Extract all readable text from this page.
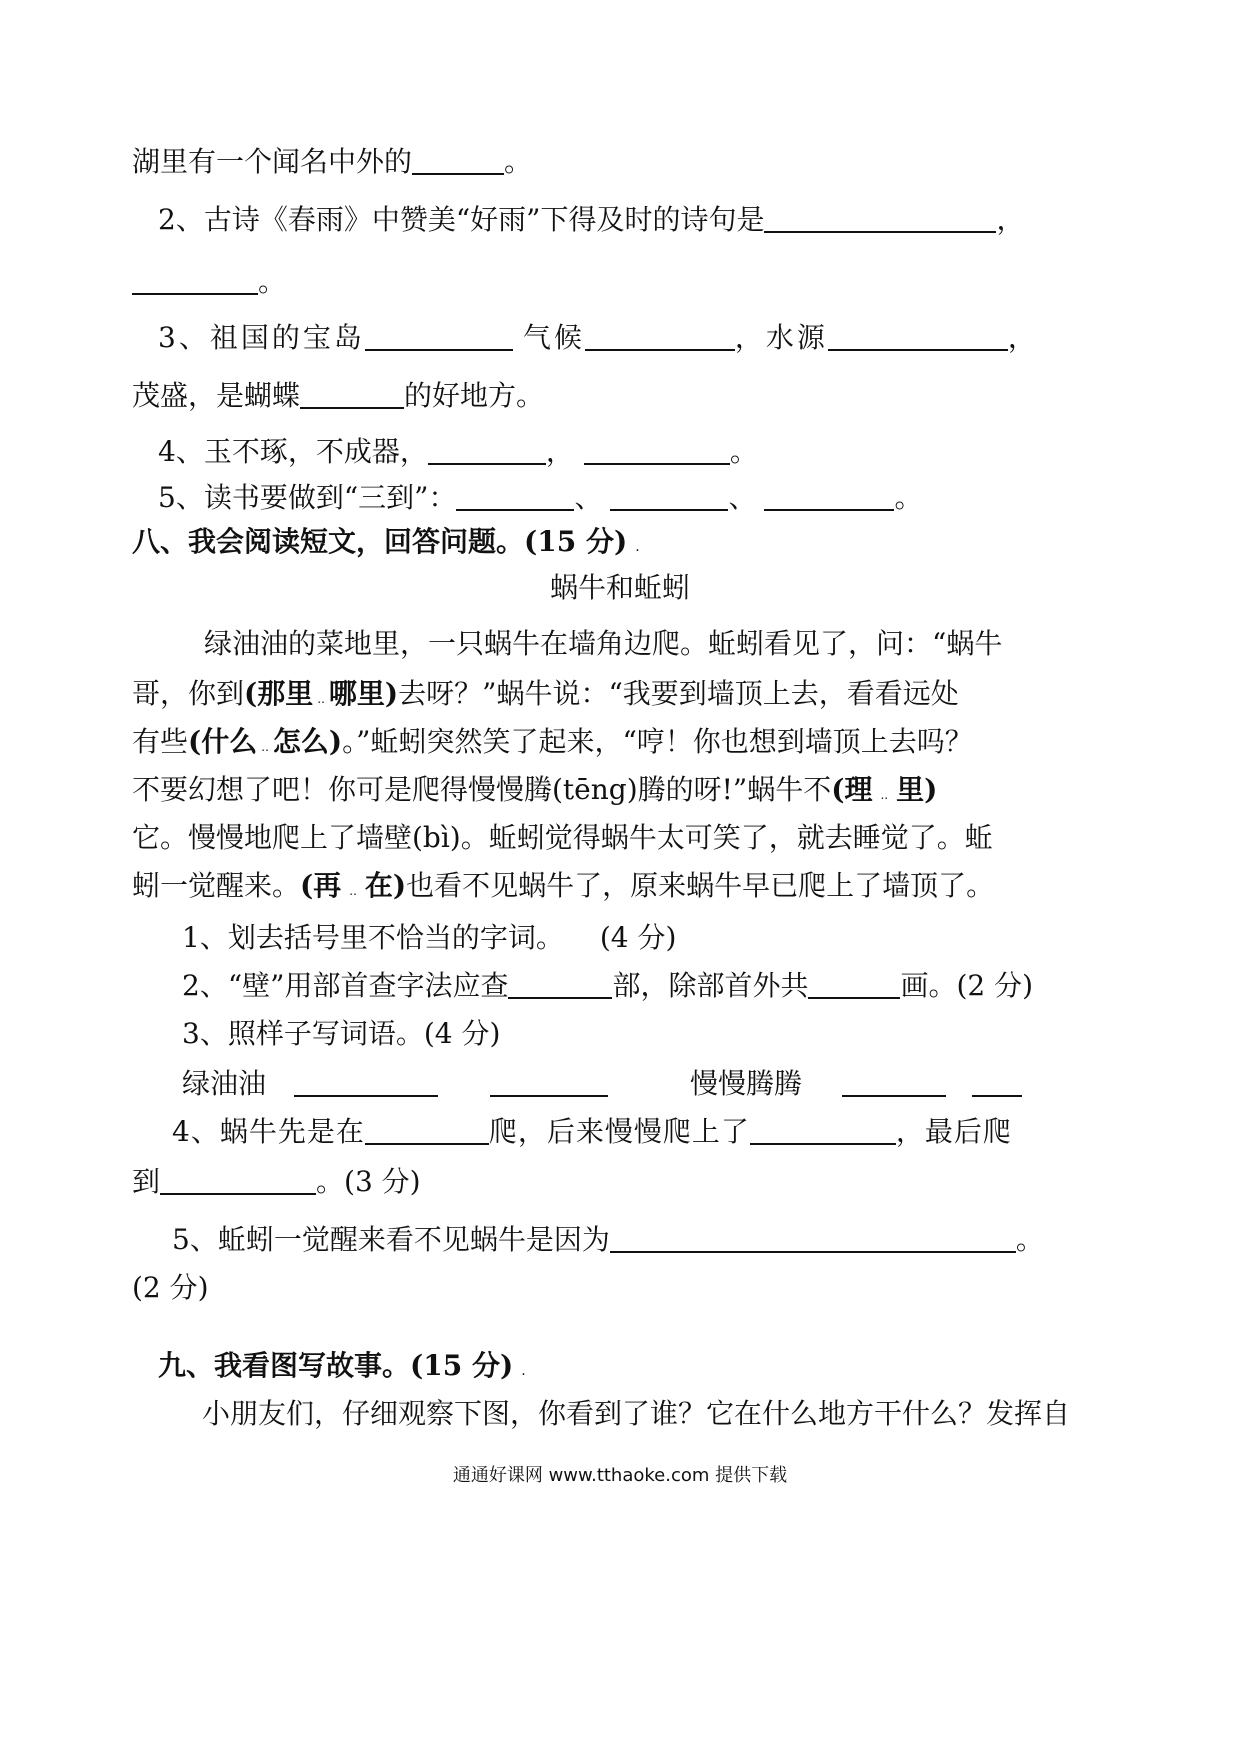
湖里有一个闻名中外的	。
2、古诗《春雨》中赞美“好雨”下得及时的诗句是	，
。
3、祖国的宝岛	气候	，水源	，
茂盛，是蝴蝶	的好地方。
4、玉不琢，不成器，	，	。
5、读书要做到“三到”：	、	、	。
八、我会阅读短文，回答问题。(15 分) .
蜗牛和蚯蚓
绿油油的菜地里，一只蜗牛在墙角边爬。蚯蚓看见了，问：“蜗牛
哥，你到(那里 .. 哪里)去呀？”蜗牛说：“我要到墙顶上去，看看远处
有些(什么 .. 怎么)。”蚯蚓突然笑了起来，“哼！你也想到墙顶上去吗？
不要幻想了吧！你可是爬得慢慢腾(tēng)腾的呀!”蜗牛不(理 .. 里)
它。慢慢地爬上了墙壁(bì)。蚯蚓觉得蜗牛太可笑了，就去睡觉了。蚯
蚓一觉醒来。(再 .. 在)也看不见蜗牛了，原来蜗牛早已爬上了墙顶了。
1、划去括号里不恰当的字词。 (4 分)
2、“壁”用部首查字法应查	部，除部首外共	画。(2 分)
3、照样子写词语。(4 分)
绿油油	慢慢腾腾
4、蜗牛先是在	爬，后来慢慢爬上了	，最后爬
到	。(3 分)
5、蚯蚓一觉醒来看不见蜗牛是因为	。
(2 分)
九、我看图写故事。(15 分) .
小朋友们，仔细观察下图，你看到了谁？它在什么地方干什么？发挥自
通通好课网 www.tthaoke.com 提供下载
